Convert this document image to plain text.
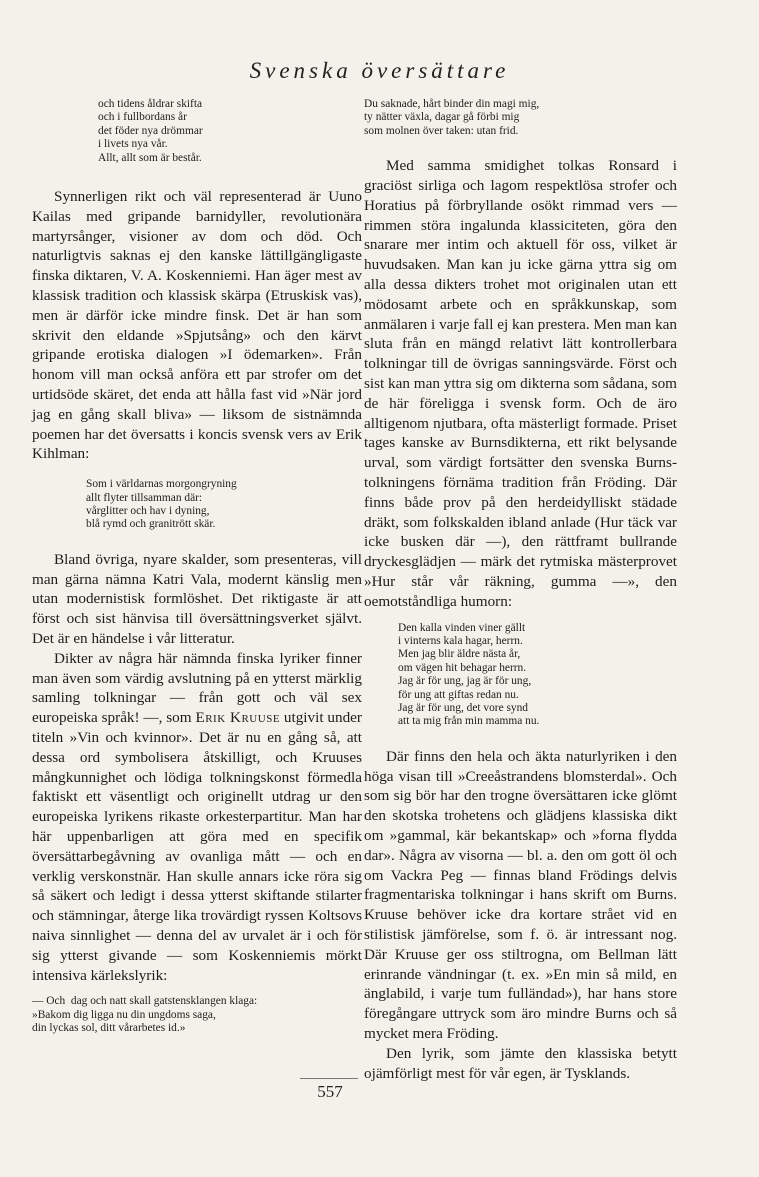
Svenska översättare

och tidens åldrar skifta

och i fullbordans år

det föder nya drömmar

i livets nya vår.

Allt, allt som är består.

Synnerligen rikt och väl representerad är Uuno Kailas med gripande barnidyller, revolutionära martyrsånger, visioner av dom och död. Och naturligtvis saknas ej den kanske lättillgängligaste finska diktaren, V. A. Koskenniemi. Han äger mest av klassisk tradition och klassisk skärpa (Etruskisk vas), men är därför icke mindre finsk. Det är han som skrivit den eldande »Spjutsång» och den kärvt gripande erotiska dialogen »I ödemarken». Från honom vill man också anföra ett par strofer om det urtidsöde skäret, det enda att hålla fast vid »När jord jag en gång skall bliva» — liksom de sistnämnda poemen har det översatts i koncis svensk vers av Erik Kihlman:

Som i världarnas morgongryning

allt flyter tillsamman där:

vårglitter och hav i dyning,

blå rymd och granitrött skär.

Bland övriga, nyare skalder, som presenteras, vill man gärna nämna Katri Vala, modernt känslig men utan modernistisk formlöshet. Det riktigaste är att först och sist hänvisa till översättningsverket självt. Det är en händelse i vår litteratur.

Dikter av några här nämnda finska lyriker finner man även som värdig avslutning på en ytterst märklig samling tolkningar — från gott och väl sex europeiska språk! —, som Erik Kruuse utgivit under titeln »Vin och kvinnor». Det är nu en gång så, att dessa ord symbolisera åtskilligt, och Kruuses mångkunnighet och lödiga tolkningskonst förmedla faktiskt ett väsentligt och originellt utdrag ur den europeiska lyrikens rikaste orkesterpartitur. Man har här uppenbarligen att göra med en specifik översättarbegåvning av ovanliga mått — och en verklig verskonstnär. Han skulle annars icke röra sig så säkert och ledigt i dessa ytterst skiftande stilarter och stämningar, återge lika trovärdigt ryssen Koltsovs naiva sinnlighet — denna del av urvalet är i och för sig ytterst givande — som Koskenniemis mörkt intensiva kärlekslyrik:

— Och  dag och natt skall gatstensklangen klaga:

»Bakom dig ligga nu din ungdoms saga,

din lyckas sol, ditt vårarbetes id.»

Du saknade, hårt binder din magi mig,

ty nätter växla, dagar gå förbi mig

som molnen över taken: utan frid.

Med samma smidighet tolkas Ronsard i graciöst sirliga och lagom respektlösa strofer och Horatius på förbryllande osökt rimmad vers — rimmen störa ingalunda klassiciteten, göra den snarare mer intim och aktuell för oss, vilket är huvudsaken. Man kan ju icke gärna yttra sig om alla dessa dikters trohet mot originalen utan ett mödosamt arbete och en språkkunskap, som anmälaren i varje fall ej kan prestera. Men man kan sluta från en mängd relativt lätt kontrollerbara tolkningar till de övrigas sanningsvärde. Först och sist kan man yttra sig om dikterna som sådana, som de här föreligga i svensk form. Och de äro alltigenom njutbara, ofta mästerligt formade. Priset tages kanske av Burnsdikterna, ett rikt belysande urval, som värdigt fortsätter den svenska Burns-tolkningens förnäma tradition från Fröding. Där finns både prov på den herdeidylliskt städade dräkt, som folkskalden ibland anlade (Hur täck var icke busken där —), den rättframt bullrande dryckesglädjen — märk det rytmiska mästerprovet »Hur står vår räkning, gumma —», den oemotståndliga humorn:

Den kalla vinden viner gällt

i vinterns kala hagar, herrn.

Men jag blir äldre nästa år,

om vägen hit behagar herrn.

Jag är för ung, jag är för ung,

för ung att giftas redan nu.

Jag är för ung, det vore synd

att ta mig från min mamma nu.

Där finns den hela och äkta naturlyriken i den höga visan till »Creeåstrandens blomsterdal». Och som sig bör har den trogne översättaren icke glömt den skotska trohetens och glädjens klassiska dikt om »gammal, kär bekantskap» och »forna flydda dar». Några av visorna — bl. a. den om gott öl och om Vackra Peg — finnas bland Frödings delvis fragmentariska tolkningar i hans skrift om Burns. Kruuse behöver icke dra kortare strået vid en stilistisk jämförelse, som f. ö. är intressant nog. Där Kruuse ger oss stiltrogna, om Bellman lätt erinrande vändningar (t. ex. »En min så mild, en änglabild, i varje tum fulländad»), har hans store föregångare uttryck som äro mindre Burns och så mycket mera Fröding.

Den lyrik, som jämte den klassiska betytt ojämförligt mest för vår egen, är Tysklands.

557
